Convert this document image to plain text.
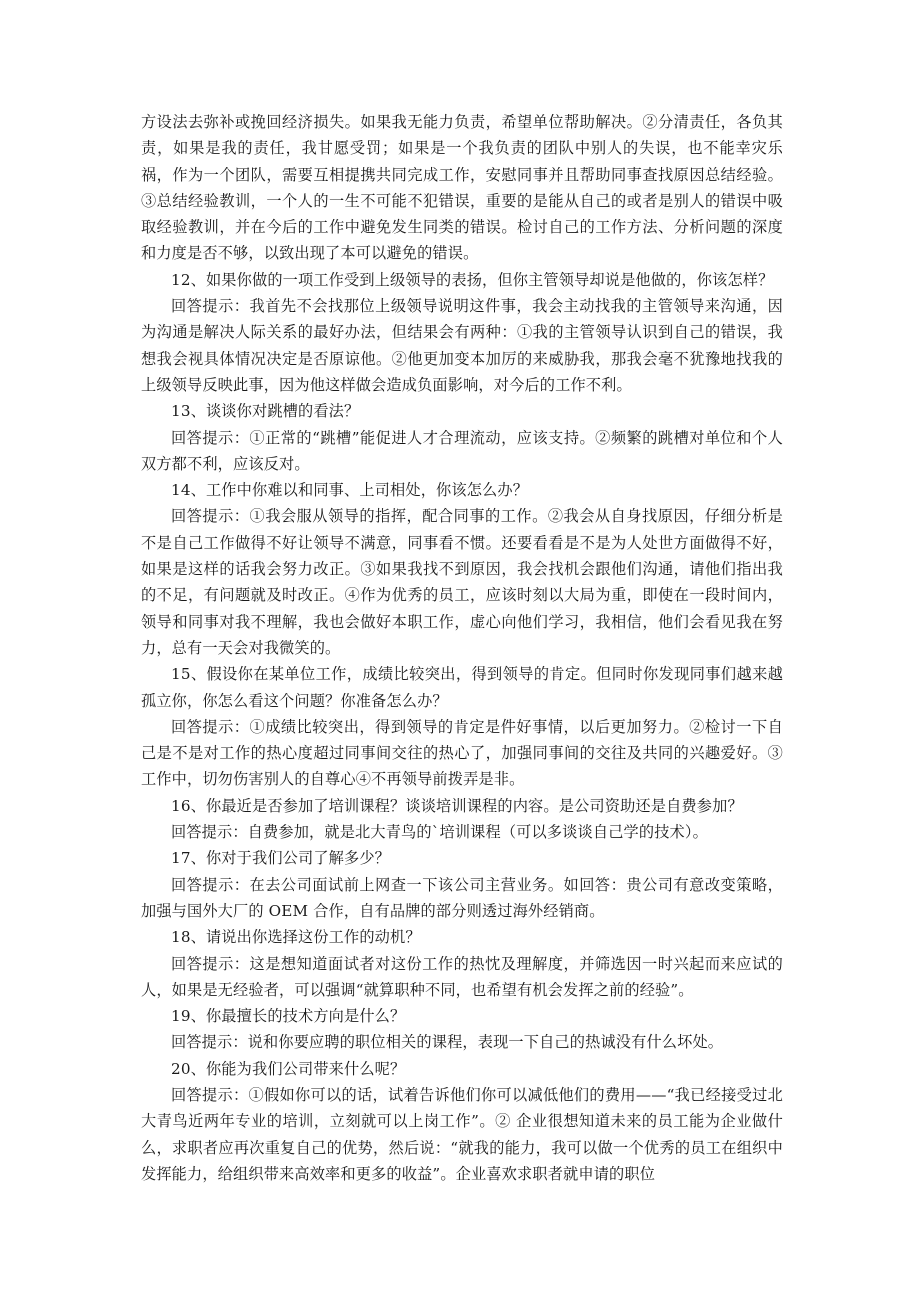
方设法去弥补或挽回经济损失。如果我无能力负责，希望单位帮助解决。②分清责任，各负其责，如果是我的责任，我甘愿受罚；如果是一个我负责的团队中别人的失误，也不能幸灾乐祸，作为一个团队，需要互相提携共同完成工作，安慰同事并且帮助同事查找原因总结经验。③总结经验教训，一个人的一生不可能不犯错误，重要的是能从自己的或者是别人的错误中吸取经验教训，并在今后的工作中避免发生同类的错误。检讨自己的工作方法、分析问题的深度和力度是否不够，以致出现了本可以避免的错误。

12、如果你做的一项工作受到上级领导的表扬，但你主管领导却说是他做的，你该怎样？

回答提示：我首先不会找那位上级领导说明这件事，我会主动找我的主管领导来沟通，因为沟通是解决人际关系的最好办法，但结果会有两种：①我的主管领导认识到自己的错误，我想我会视具体情况决定是否原谅他。②他更加变本加厉的来威胁我，那我会毫不犹豫地找我的上级领导反映此事，因为他这样做会造成负面影响，对今后的工作不利。

13、谈谈你对跳槽的看法？

回答提示：①正常的“跳槽”能促进人才合理流动，应该支持。②频繁的跳槽对单位和个人双方都不利，应该反对。

14、工作中你难以和同事、上司相处，你该怎么办？

回答提示：①我会服从领导的指挥，配合同事的工作。②我会从自身找原因，仔细分析是不是自己工作做得不好让领导不满意，同事看不惯。还要看看是不是为人处世方面做得不好，如果是这样的话我会努力改正。③如果我找不到原因，我会找机会跟他们沟通，请他们指出我的不足，有问题就及时改正。④作为优秀的员工，应该时刻以大局为重，即使在一段时间内，领导和同事对我不理解，我也会做好本职工作，虚心向他们学习，我相信，他们会看见我在努力，总有一天会对我微笑的。

15、假设你在某单位工作，成绩比较突出，得到领导的肯定。但同时你发现同事们越来越孤立你，你怎么看这个问题？你准备怎么办？

回答提示：①成绩比较突出，得到领导的肯定是件好事情，以后更加努力。②检讨一下自己是不是对工作的热心度超过同事间交往的热心了，加强同事间的交往及共同的兴趣爱好。③工作中，切勿伤害别人的自尊心④不再领导前拨弄是非。

16、你最近是否参加了培训课程？谈谈培训课程的内容。是公司资助还是自费参加？

回答提示：自费参加，就是北大青鸟的`培训课程（可以多谈谈自己学的技术）。

17、你对于我们公司了解多少？

回答提示：在去公司面试前上网查一下该公司主营业务。如回答：贵公司有意改变策略，加强与国外大厂的 OEM 合作，自有品牌的部分则透过海外经销商。

18、请说出你选择这份工作的动机？

回答提示：这是想知道面试者对这份工作的热忱及理解度，并筛选因一时兴起而来应试的人，如果是无经验者，可以强调“就算职种不同，也希望有机会发挥之前的经验”。

19、你最擅长的技术方向是什么？

回答提示：说和你要应聘的职位相关的课程，表现一下自己的热诚没有什么坏处。

20、你能为我们公司带来什么呢？

回答提示：①假如你可以的话，试着告诉他们你可以减低他们的费用——“我已经接受过北大青鸟近两年专业的培训，立刻就可以上岗工作”。② 企业很想知道未来的员工能为企业做什么，求职者应再次重复自己的优势，然后说：“就我的能力，我可以做一个优秀的员工在组织中发挥能力，给组织带来高效率和更多的收益”。企业喜欢求职者就申请的职位
